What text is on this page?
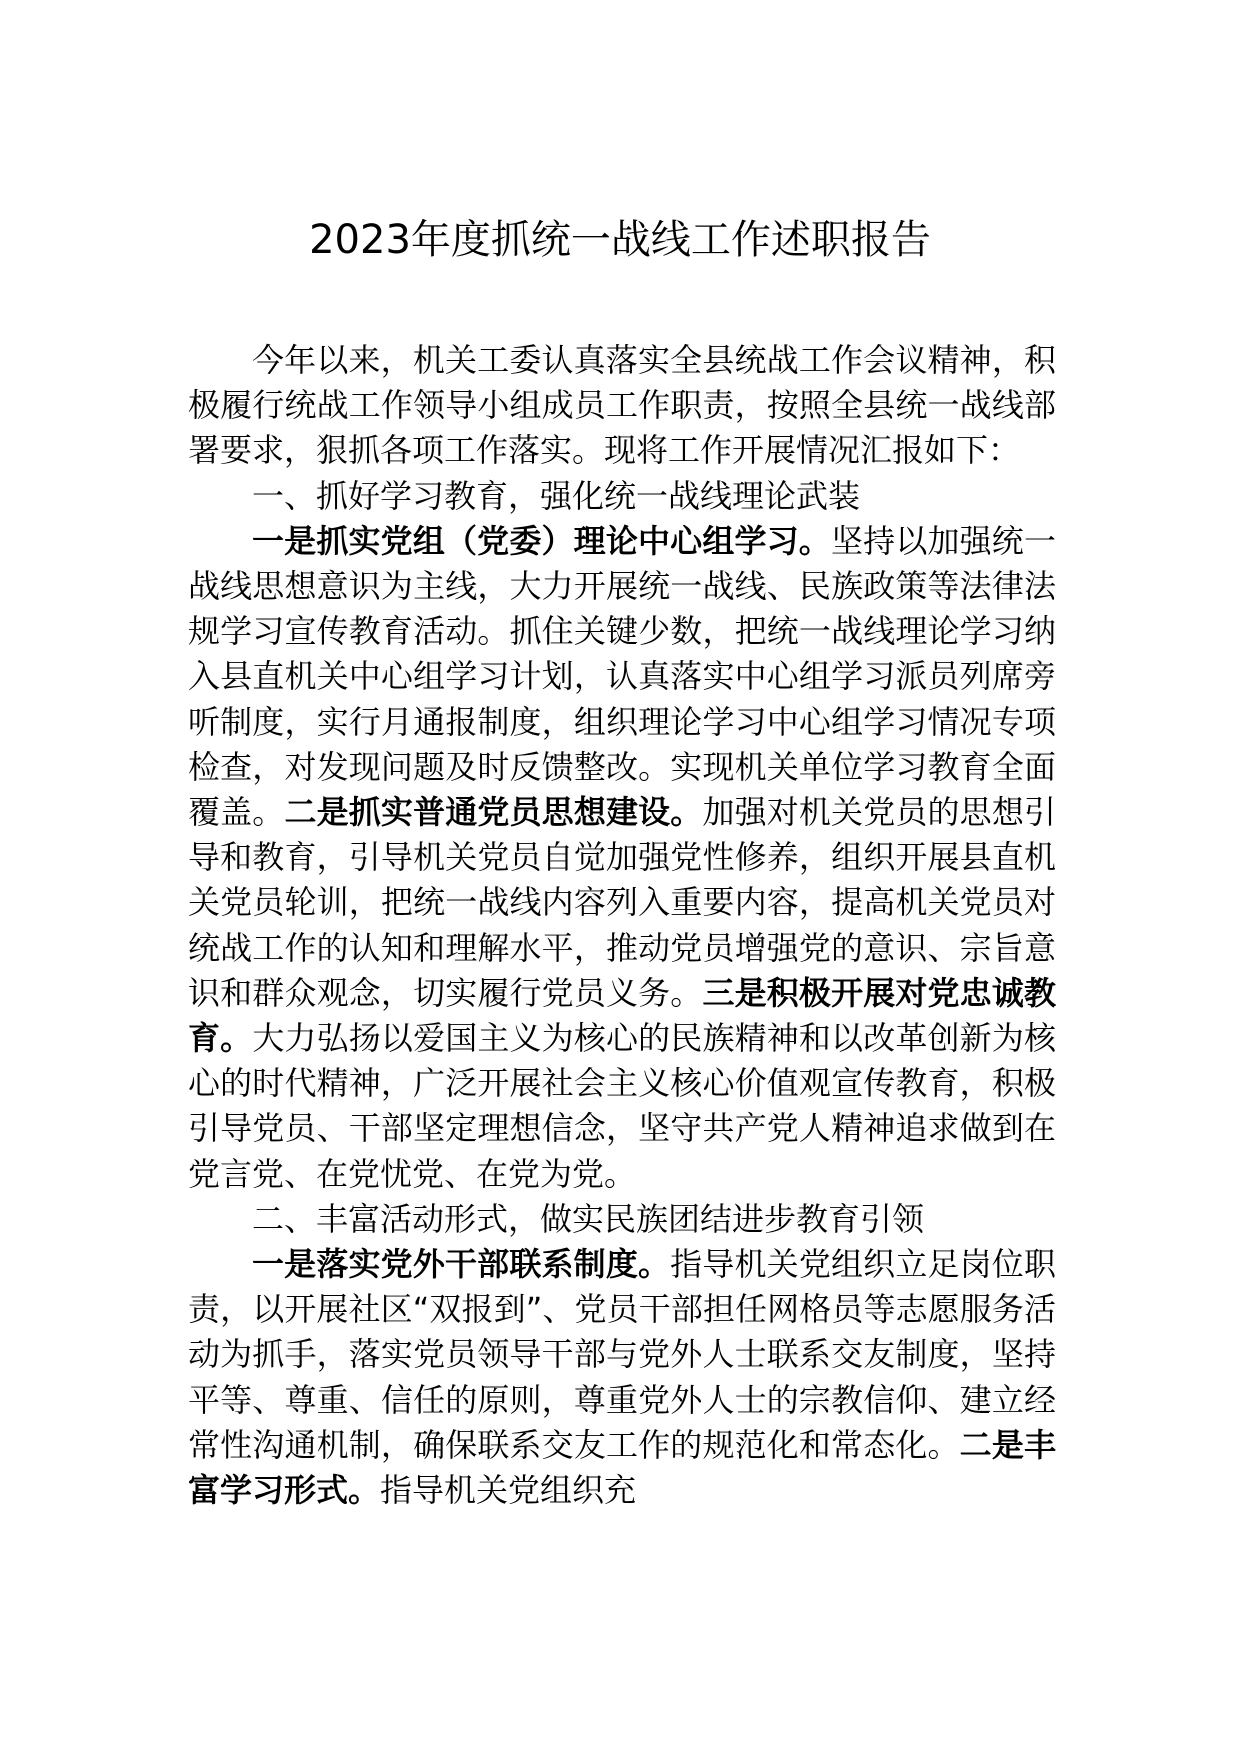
2023年度抓统一战线工作述职报告

今年以来，机关工委认真落实全县统战工作会议精神，积极履行统战工作领导小组成员工作职责，按照全县统一战线部署要求，狠抓各项工作落实。现将工作开展情况汇报如下：

一、抓好学习教育，强化统一战线理论武装

一是抓实党组（党委）理论中心组学习。坚持以加强统一战线思想意识为主线，大力开展统一战线、民族政策等法律法规学习宣传教育活动。抓住关键少数，把统一战线理论学习纳入县直机关中心组学习计划，认真落实中心组学习派员列席旁听制度，实行月通报制度，组织理论学习中心组学习情况专项检查，对发现问题及时反馈整改。实现机关单位学习教育全面覆盖。二是抓实普通党员思想建设。加强对机关党员的思想引导和教育，引导机关党员自觉加强党性修养，组织开展县直机关党员轮训，把统一战线内容列入重要内容，提高机关党员对统战工作的认知和理解水平，推动党员增强党的意识、宗旨意识和群众观念，切实履行党员义务。三是积极开展对党忠诚教育。大力弘扬以爱国主义为核心的民族精神和以改革创新为核心的时代精神，广泛开展社会主义核心价值观宣传教育，积极引导党员、干部坚定理想信念，坚守共产党人精神追求做到在党言党、在党忧党、在党为党。

二、丰富活动形式，做实民族团结进步教育引领

一是落实党外干部联系制度。指导机关党组织立足岗位职责，以开展社区“双报到”、党员干部担任网格员等志愿服务活动为抓手，落实党员领导干部与党外人士联系交友制度，坚持平等、尊重、信任的原则，尊重党外人士的宗教信仰、建立经常性沟通机制，确保联系交友工作的规范化和常态化。二是丰富学习形式。指导机关党组织充
